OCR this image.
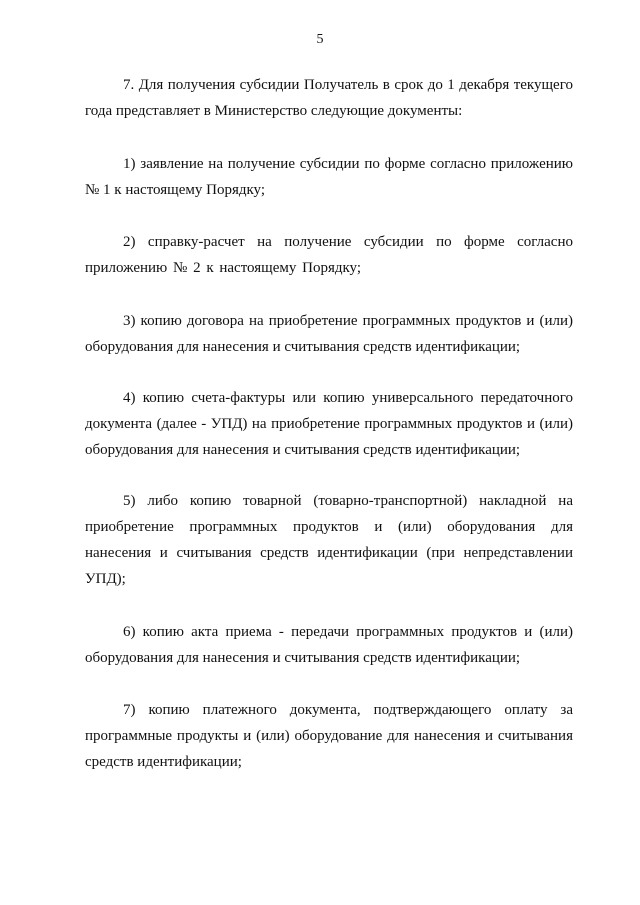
5

7. Для получения субсидии Получатель в срок до 1 декабря текущего года представляет в Министерство следующие документы:

1) заявление на получение субсидии по форме согласно приложению № 1 к настоящему Порядку;

2) справку-расчет на получение субсидии по форме согласно приложению № 2 к настоящему Порядку;

3) копию договора на приобретение программных продуктов и (или) оборудования для нанесения и считывания средств идентификации;

4) копию счета-фактуры или копию универсального передаточного документа (далее - УПД) на приобретение программных продуктов и (или) оборудования для нанесения и считывания средств идентификации;

5) либо копию товарной (товарно-транспортной) накладной на приобретение программных продуктов и (или) оборудования для нанесения и считывания средств идентификации (при непредставлении УПД);

6) копию акта приема - передачи программных продуктов и (или) оборудования для нанесения и считывания средств идентификации;

7) копию платежного документа, подтверждающего оплату за программные продукты и (или) оборудование для нанесения и считывания средств идентификации;
